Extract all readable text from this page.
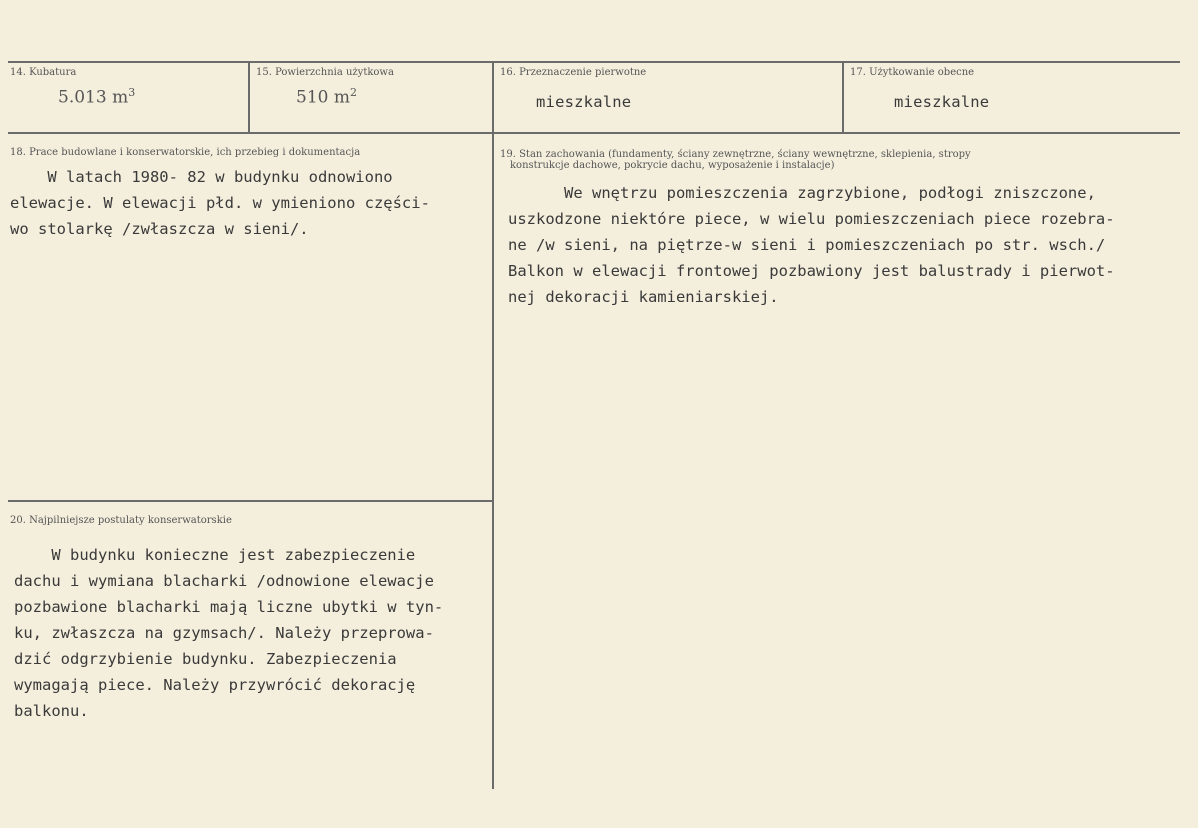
14. Kubatura
5.013 $m^3$
15. Powierzchnia użytkowa
510 $m^2$
16. Przeznaczenie pierwotne
mieszkalne
17. Użytkowanie obecne
mieszkalne
18. Prace budowlane i konserwatorskie, ich przebieg i dokumentacja
W latach 1980- 82 w budynku odnowiono
elewacje. W elewacji płd. w ymieniono części-
wo stolarkę /zwłaszcza w sieni/.
19. Stan zachowania (fundamenty, ściany zewnętrzne, ściany wewnętrzne, sklepienia, stropy
konstrukcje dachowe, pokrycie dachu, wyposażenie i instalacje)
We wnętrzu pomieszczenia zagrzybione, podłogi zniszczone,
uszkodzone niektóre piece, w wielu pomieszczeniach piece rozebra-
ne /w sieni, na piętrze-w sieni i pomieszczeniach po str. wsch./
Balkon w elewacji frontowej pozbawiony jest balustrady i pierwot-
nej dekoracji kamieniarskiej.
20. Najpilniejsze postulaty konserwatorskie
W budynku konieczne jest zabezpieczenie
dachu i wymiana blacharki /odnowione elewacje
pozbawione blacharki mają liczne ubytki w tyn-
ku, zwłaszcza na gzymsach/. Należy przeprowa-
dzić odgrzybienie budynku. Zabezpieczenia
wymagają piece. Należy przywrócić dekorację
balkonu.
